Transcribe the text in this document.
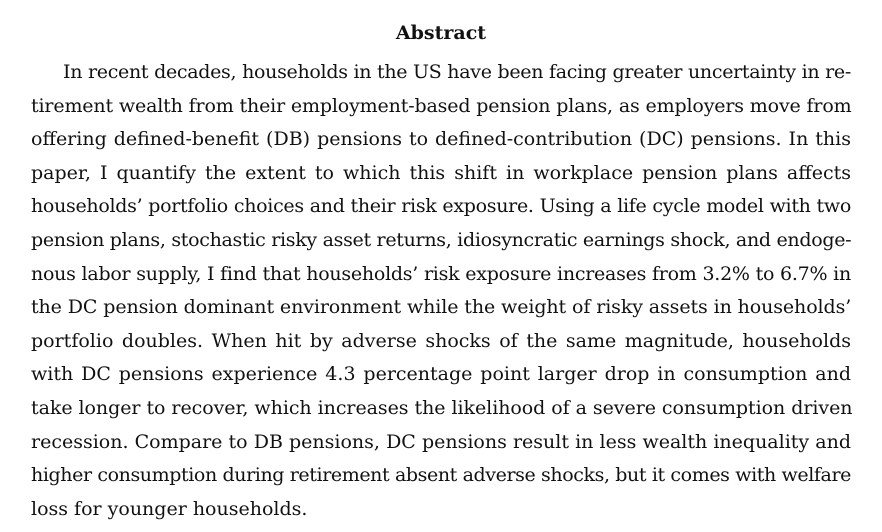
Abstract
In recent decades, households in the US have been facing greater uncertainty in re-
tirement wealth from their employment-based pension plans, as employers move from
offering defined-benefit (DB) pensions to defined-contribution (DC) pensions. In this
paper, I quantify the extent to which this shift in workplace pension plans affects
households’ portfolio choices and their risk exposure. Using a life cycle model with two
pension plans, stochastic risky asset returns, idiosyncratic earnings shock, and endoge-
nous labor supply, I find that households’ risk exposure increases from 3.2% to 6.7% in
the DC pension dominant environment while the weight of risky assets in households’
portfolio doubles. When hit by adverse shocks of the same magnitude, households
with DC pensions experience 4.3 percentage point larger drop in consumption and
take longer to recover, which increases the likelihood of a severe consumption driven
recession. Compare to DB pensions, DC pensions result in less wealth inequality and
higher consumption during retirement absent adverse shocks, but it comes with welfare
loss for younger households.
